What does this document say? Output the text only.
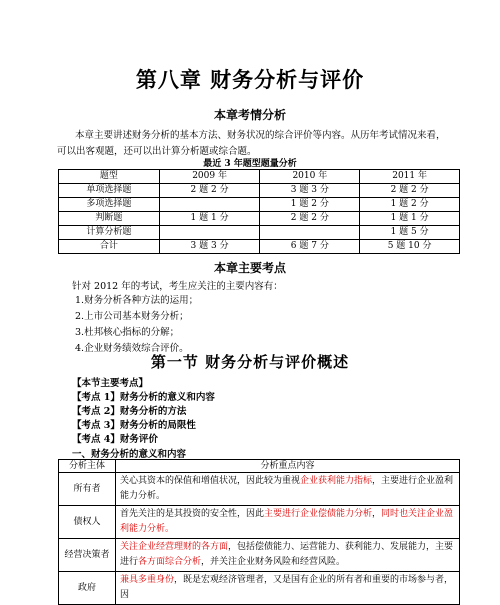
第八章 财务分析与评价
本章考情分析
本章主要讲述财务分析的基本方法、财务状况的综合评价等内容。从历年考试情况来看，可以出客观题，还可以出计算分析题或综合题。
最近 3 年题型题量分析
题型	2009 年	2010 年	2011 年
单项选择题	2 题 2 分	3 题 3 分	2 题 2 分
多项选择题		1 题 2 分	1 题 2 分
判断题	1 题 1 分	2 题 2 分	1 题 1 分
计算分析题			1 题 5 分
合计	3 题 3 分	6 题 7 分	5 题 10 分
本章主要考点
针对 2012 年的考试，考生应关注的主要内容有：
1.财务分析各种方法的运用；
2.上市公司基本财务分析；
3.杜邦核心指标的分解；
4.企业财务绩效综合评价。
第一节 财务分析与评价概述
【本节主要考点】
【考点 1】财务分析的意义和内容
【考点 2】财务分析的方法
【考点 3】财务分析的局限性
【考点 4】财务评价
一、财务分析的意义和内容
分析主体	分析重点内容
所有者	关心其资本的保值和增值状况，因此较为重视企业获利能力指标，主要进行企业盈利能力分析。
债权人	首先关注的是其投资的安全性，因此主要进行企业偿债能力分析，同时也关注企业盈利能力分析。
经营决策者	关注企业经营理财的各方面，包括偿债能力、运营能力、获利能力、发展能力，主要进行各方面综合分析，并关注企业财务风险和经营风险。
政府	兼具多重身份，既是宏观经济管理者，又是国有企业的所有者和重要的市场参与者，因
